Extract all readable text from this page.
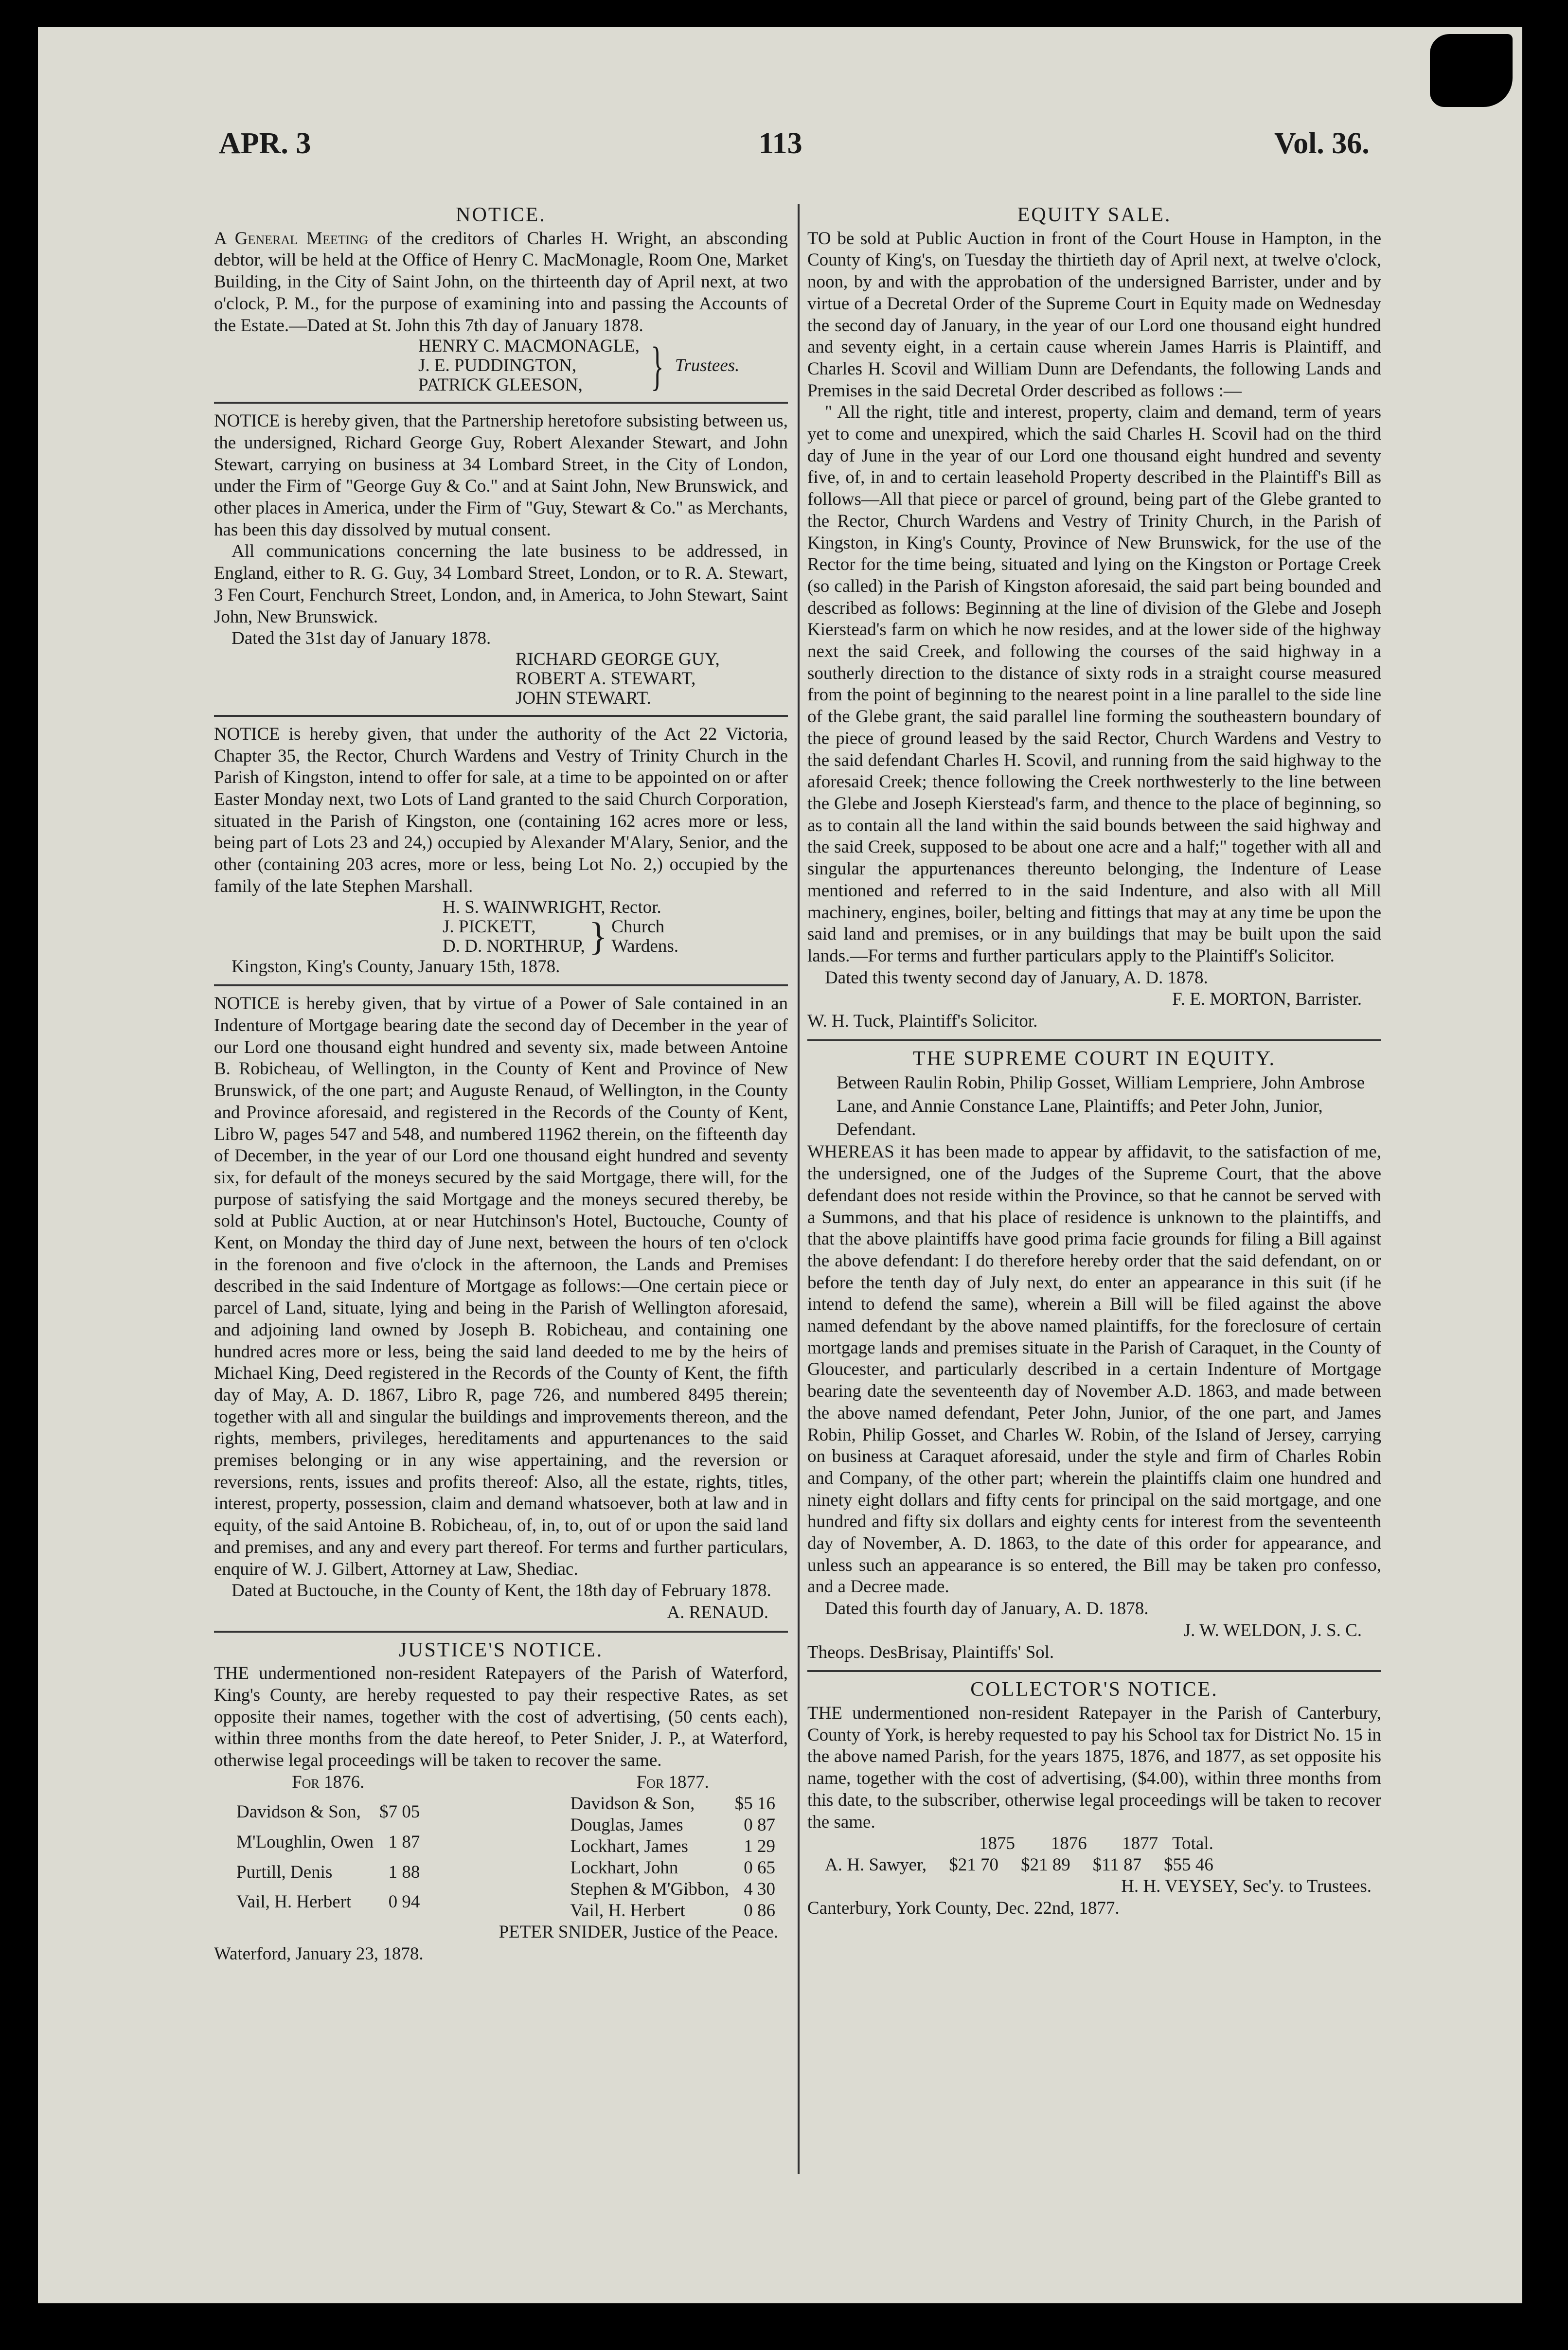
APR. 3	113	Vol. 36.
NOTICE.

A General Meeting of the creditors of Charles H. Wright, an absconding debtor, will be held at the Office of Henry C. MacMonagle, Room One, Market Building, in the City of Saint John, on the thirteenth day of April next, at two o'clock, P. M., for the purpose of examining into and passing the Accounts of the Estate.—Dated at St. John this 7th day of January 1878.

HENRY C. MACMONAGLE,
J. E. PUDDINGTON,
PATRICK GLEESON,	} Trustees.

NOTICE is hereby given, that the Partnership heretofore subsisting between us, the undersigned, Richard George Guy, Robert Alexander Stewart, and John Stewart, carrying on business at 34 Lombard Street, in the City of London, under the Firm of "George Guy & Co." and at Saint John, New Brunswick, and other places in America, under the Firm of "Guy, Stewart & Co." as Merchants, has been this day dissolved by mutual consent.

All communications concerning the late business to be addressed, in England, either to R. G. Guy, 34 Lombard Street, London, or to R. A. Stewart, 3 Fen Court, Fenchurch Street, London, and, in America, to John Stewart, Saint John, New Brunswick.

Dated the 31st day of January 1878.

RICHARD GEORGE GUY,
ROBERT A. STEWART,
JOHN STEWART.

NOTICE is hereby given, that under the authority of the Act 22 Victoria, Chapter 35, the Rector, Church Wardens and Vestry of Trinity Church in the Parish of Kingston, intend to offer for sale, at a time to be appointed on or after Easter Monday next, two Lots of Land granted to the said Church Corporation, situated in the Parish of Kingston, one (containing 162 acres more or less, being part of Lots 23 and 24,) occupied by Alexander M'Alary, Senior, and the other (containing 203 acres, more or less, being Lot No. 2,) occupied by the family of the late Stephen Marshall.

H. S. WAINWRIGHT, Rector.
J. PICKETT,
D. D. NORTHRUP, } Church
Wardens.

Kingston, King's County, January 15th, 1878.

NOTICE is hereby given, that by virtue of a Power of Sale contained in an Indenture of Mortgage bearing date the second day of December in the year of our Lord one thousand eight hundred and seventy six, made between Antoine B. Robicheau, of Wellington, in the County of Kent and Province of New Brunswick, of the one part; and Auguste Renaud, of Wellington, in the County and Province aforesaid, and registered in the Records of the County of Kent, Libro W, pages 547 and 548, and numbered 11962 therein, on the fifteenth day of December, in the year of our Lord one thousand eight hundred and seventy six, for default of the moneys secured by the said Mortgage, there will, for the purpose of satisfying the said Mortgage and the moneys secured thereby, be sold at Public Auction, at or near Hutchinson's Hotel, Buctouche, County of Kent, on Monday the third day of June next, between the hours of ten o'clock in the forenoon and five o'clock in the afternoon, the Lands and Premises described in the said Indenture of Mortgage as follows:—One certain piece or parcel of Land, situate, lying and being in the Parish of Wellington aforesaid, and adjoining land owned by Joseph B. Robicheau, and containing one hundred acres more or less, being the said land deeded to me by the heirs of Michael King, Deed registered in the Records of the County of Kent, the fifth day of May, A. D. 1867, Libro R, page 726, and numbered 8495 therein; together with all and singular the buildings and improvements thereon, and the rights, members, privileges, hereditaments and appurtenances to the said premises belonging or in any wise appertaining, and the reversion or reversions, rents, issues and profits thereof: Also, all the estate, rights, titles, interest, property, possession, claim and demand whatsoever, both at law and in equity, of the said Antoine B. Robicheau, of, in, to, out of or upon the said land and premises, and any and every part thereof. For terms and further particulars, enquire of W. J. Gilbert, Attorney at Law, Shediac.

Dated at Buctouche, in the County of Kent, the 18th day of February 1878.

A. RENAUD.

JUSTICE'S NOTICE.

THE undermentioned non-resident Ratepayers of the Parish of Waterford, King's County, are hereby requested to pay their respective Rates, as set opposite their names, together with the cost of advertising, (50 cents each), within three months from the date hereof, to Peter Snider, J. P., at Waterford, otherwise legal proceedings will be taken to recover the same.

For 1876.	
Davidson & Son,	$7 05
M'Loughlin, Owen	1 87
Purtill, Denis	1 88
Vail, H. Herbert	0 94
For 1877.	
Davidson & Son,	$5 16
Douglas, James	0 87
Lockhart, James	1 29
Lockhart, John	0 65
Stephen & M'Gibbon,	4 30
Vail, H. Herbert	0 86

PETER SNIDER, Justice of the Peace.

Waterford, January 23, 1878.

EQUITY SALE.

TO be sold at Public Auction in front of the Court House in Hampton, in the County of King's, on Tuesday the thirtieth day of April next, at twelve o'clock, noon, by and with the approbation of the undersigned Barrister, under and by virtue of a Decretal Order of the Supreme Court in Equity made on Wednesday the second day of January, in the year of our Lord one thousand eight hundred and seventy eight, in a certain cause wherein James Harris is Plaintiff, and Charles H. Scovil and William Dunn are Defendants, the following Lands and Premises in the said Decretal Order described as follows :—

" All the right, title and interest, property, claim and demand, term of years yet to come and unexpired, which the said Charles H. Scovil had on the third day of June in the year of our Lord one thousand eight hundred and seventy five, of, in and to certain leasehold Property described in the Plaintiff's Bill as follows—All that piece or parcel of ground, being part of the Glebe granted to the Rector, Church Wardens and Vestry of Trinity Church, in the Parish of Kingston, in King's County, Province of New Brunswick, for the use of the Rector for the time being, situated and lying on the Kingston or Portage Creek (so called) in the Parish of Kingston aforesaid, the said part being bounded and described as follows: Beginning at the line of division of the Glebe and Joseph Kierstead's farm on which he now resides, and at the lower side of the highway next the said Creek, and following the courses of the said highway in a southerly direction to the distance of sixty rods in a straight course measured from the point of beginning to the nearest point in a line parallel to the side line of the Glebe grant, the said parallel line forming the southeastern boundary of the piece of ground leased by the said Rector, Church Wardens and Vestry to the said defendant Charles H. Scovil, and running from the said highway to the aforesaid Creek; thence following the Creek northwesterly to the line between the Glebe and Joseph Kierstead's farm, and thence to the place of beginning, so as to contain all the land within the said bounds between the said highway and the said Creek, supposed to be about one acre and a half;" together with all and singular the appurtenances thereunto belonging, the Indenture of Lease mentioned and referred to in the said Indenture, and also with all Mill machinery, engines, boiler, belting and fittings that may at any time be upon the said land and premises, or in any buildings that may be built upon the said lands.—For terms and further particulars apply to the Plaintiff's Solicitor.

Dated this twenty second day of January, A. D. 1878.

F. E. MORTON, Barrister.

W. H. Tuck, Plaintiff's Solicitor.

THE SUPREME COURT IN EQUITY.

Between Raulin Robin, Philip Gosset, William Lempriere, John Ambrose Lane, and Annie Constance Lane, Plaintiffs; and Peter John, Junior, Defendant.

WHEREAS it has been made to appear by affidavit, to the satisfaction of me, the undersigned, one of the Judges of the Supreme Court, that the above defendant does not reside within the Province, so that he cannot be served with a Summons, and that his place of residence is unknown to the plaintiffs, and that the above plaintiffs have good prima facie grounds for filing a Bill against the above defendant: I do therefore hereby order that the said defendant, on or before the tenth day of July next, do enter an appearance in this suit (if he intend to defend the same), wherein a Bill will be filed against the above named defendant by the above named plaintiffs, for the foreclosure of certain mortgage lands and premises situate in the Parish of Caraquet, in the County of Gloucester, and particularly described in a certain Indenture of Mortgage bearing date the seventeenth day of November A.D. 1863, and made between the above named defendant, Peter John, Junior, of the one part, and James Robin, Philip Gosset, and Charles W. Robin, of the Island of Jersey, carrying on business at Caraquet aforesaid, under the style and firm of Charles Robin and Company, of the other part; wherein the plaintiffs claim one hundred and ninety eight dollars and fifty cents for principal on the said mortgage, and one hundred and fifty six dollars and eighty cents for interest from the seventeenth day of November, A. D. 1863, to the date of this order for appearance, and unless such an appearance is so entered, the Bill may be taken pro confesso, and a Decree made.

Dated this fourth day of January, A. D. 1878.

J. W. WELDON, J. S. C.

Theops. DesBrisay, Plaintiffs' Sol.

COLLECTOR'S NOTICE.

THE undermentioned non-resident Ratepayer in the Parish of Canterbury, County of York, is hereby requested to pay his School tax for District No. 15 in the above named Parish, for the years 1875, 1876, and 1877, as set opposite his name, together with the cost of advertising, ($4.00), within three months from this date, to the subscriber, otherwise legal proceedings will be taken to recover the same.

	1875	1876	1877	Total.
A. H. Sawyer,	$21 70	$21 89	$11 87	$55 46

H. H. VEYSEY, Sec'y. to Trustees.

Canterbury, York County, Dec. 22nd, 1877.
